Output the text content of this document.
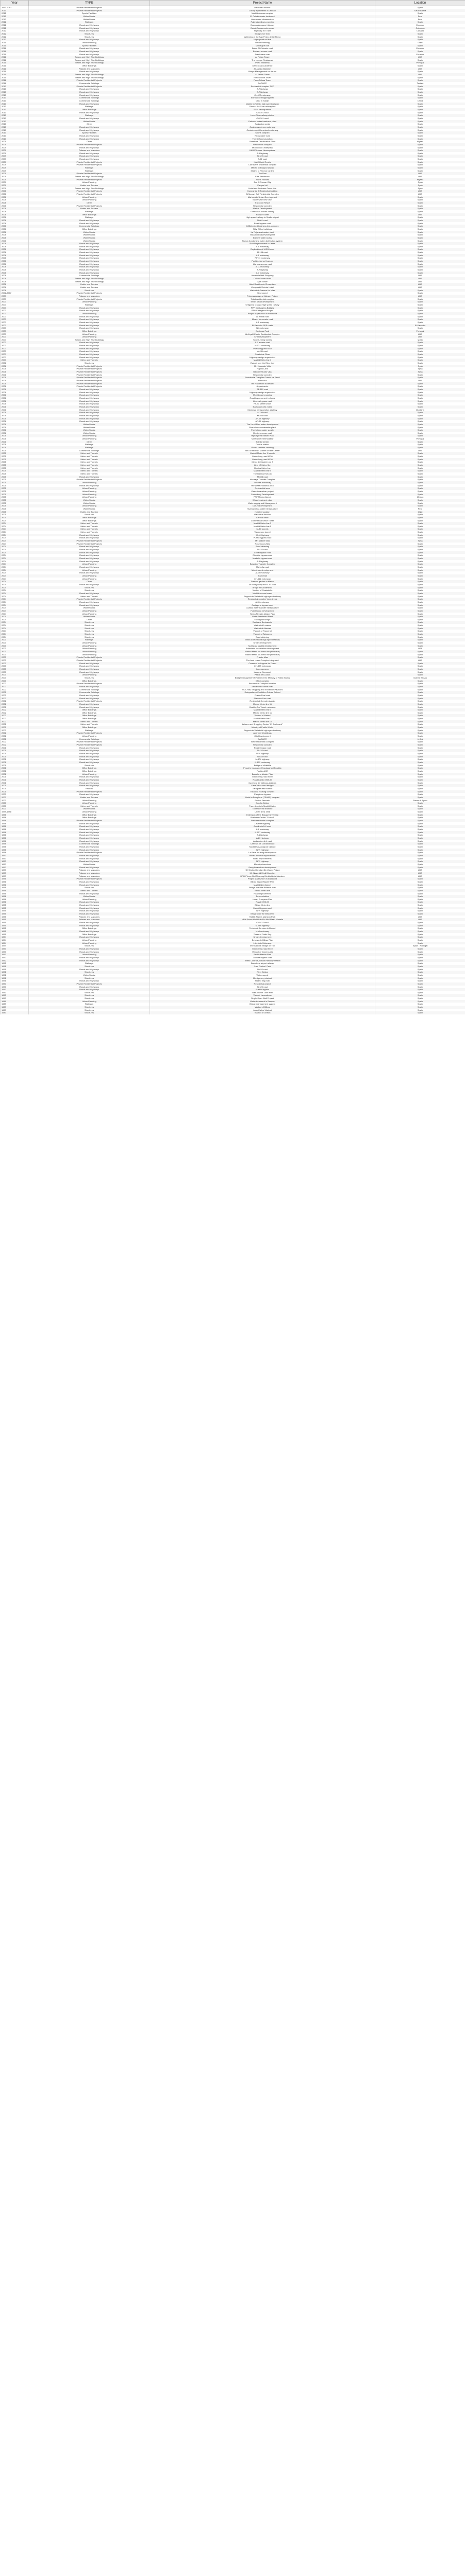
Year	TYPE	Project Name	Location
1993-2013	Private Residential Projects	Detached houses	Spain
2013	Private Residential Projects	Luxury apartments in Jeddah	Saudi Arabia
2012	Sports Facilities	Madrid Arenas complex	Spain
2012	Water Works	El Caimito water treatment	Peru
2012	Water Works	Lima water infrastructure	Peru
2012	Railways	Palencia railway crossing	Spain
2012	Roads and Highways	Cuenca-Azogues highway	Ecuador
2012	Roads and Highways	Cartré-Buenaventura road	Colombia
2012	Roads and Highways	Highway 407 East	Canada
2012	Structures	Bridge over river	Spain
2012	Structures	Widening of the San Pedro de la Ribera	Spain
2012	Roads and Highways	High speed rail line	Spain
2011	Urban Planning	Urban Planning	Chile
2011	Sports Facilities	Mirror golf club	Spain
2011	Roads and Highways	Bahia El Chinado road	Ecuador
2011	Roads and Highways	Eastern access road	Spain
2011	Roads and Highways	Rumichaca road	Ecuador
2011	Towers and High Rise Buildings	Al Fattan Tower	UAE
2011	Towers and High Rise Buildings	The Lounge Restaurant	Spain
2011	Towers and High Rise Buildings	Porto Saldanha	Portugal
2011	Office Buildings	Darro Gran Lanzarote	Spain
2011	Palaces and Mansions	Al Jamea Mansion	UAE
2011	Roads and Highways	Bridge Management for Asuriu	Spain
2011	Towers and High Rise Buildings	Al Fattan Tower	UAE
2011	Towers and High Rise Buildings	Porto Tolosa Tower	Spain
2011	Private Residential Projects	Porto Tolosa Tower	Spain
2011	Commercial Buildings	SACAIFE	Tunisia
2010	Private Residential Projects	Residential complex TVC	Spain
2010	Roads and Highways	A-7 highway	Spain
2010	Roads and Highways	A-7 highway	Spain
2010	Roads and Highways	CL-622 motorway	Spain
2010	Commercial Buildings	El Indauxe shopping mall	Spain
2010	Commercial Buildings	CBD in Tianjin	China
2010	Roads and Highways	Madrid to Toledo high speed railway	Spain
2010	Railways	Girona - Le Grau railway line	Spain
2010	Office Buildings	SGH Headquarters	Spain
2010	Roads and Highways	CM-101 road	Spain
2010	Railways	Leon-Gijon railway station	Spain
2010	Roads and Highways	CM-101 road	Spain
2010	Water Works	Palencia water treatment plant	Spain
2010	Other	Sanitation works	Spain
2010	Roads and Highways	Cuatro carreteras motorway	Spain
2010	Roads and Highways	Canterbury & Horseland motorway	Spain
2010	Sports Facilities	Sports complex	Spain
2010	Roads and Highways	Ricos water road	Spain
2010	Roads and Highways	The Cañones junction	Spain
2009	Other	Seashore Desalination Plant	Algeria
2009	Private Residential Projects	Residential complex	Spain
2009	Roads and Highways	M-500 road underpass	Spain
2009	Palaces and Mansions	KAU Princess Hessa palace	Spain
2009	Roads and Highways	A-6 highway	Spain
2009	Roads and Highways	N-122 road	Spain
2009	Roads and Highways	A-62 road	Spain
2009	Private Residential Projects	HAIC Hotel Rewitz	Spain
2009	Private Residential Projects	Carrasena residential complex	Spain
2009	Railways	Madrid to Burgos railway	Spain
2009	Railways	Madrid to Pirneos rail link	Spain
2009	Private Residential Projects	The Row	UAE
2009	Towers and High Rise Buildings	Elite Residence	UAE
2009	Private Residential Projects	Alpha Houses	Nigeria
2009	Urban Planning	Dar Al Roman City	Syria
2009	Hotels and Tourism	Parque Intl	Syria
2009	Towers and High Rise Buildings	Hotel and Business Tower Isla	Syria
2008	Private Residential Projects	Hampshire 2 Residential building	UAE
2008	Private Residential Projects	Al Mezael Golf Residential Complex	UAE
2008	Urban Planning	Marienvale Urban Development	Spain
2008	Urban Planning	Marienvale new town	Spain
2008	Other	Trackcold Resort	Spain
2008	Private Residential Projects	Residential complex	Spain
2008	Hotels and Tourism	Marina Development	Spain
2008	Railways	Granada-Cordoba railway	Spain
2008	Office Buildings	Parque Tower	UAE
2008	Railways	High speed railway to Sevilla airport	Spain
2008	Roads and Highways	N-601 road	Spain
2008	Roads and Highways	Road bypass road	Spain
2008	Commercial Buildings	ASDA mixed business Incl-complex	Spain
2008	Office Buildings	SDV Office buildings	Spain
2008	Water Works	La Roja wastewater plant	Spain
2008	Water Works	Valladolid wastewater plant	Spain
2008	Water Works	Eresma water works	Spain
2008	Water Works	Nueva Condomina water distribution system	Spain
2008	Roads and Highways	Road improvement to Jerez	Spain
2008	Roads and Highways	A-6 motorway	Spain
2008	Roads and Highways	Duplication of M-503 road	Spain
2008	Roads and Highways	M-138 road	Spain
2008	Roads and Highways	A-1 motorway	Spain
2008	Roads and Highways	PP-11 motorway	Spain
2008	Roads and Highways	Puebla-Nueva Huaruco	Spain
2008	Roads and Highways	Llanera access road	Spain
2008	Roads and Highways	A-11 motorway	Spain
2008	Roads and Highways	A-7 highway	Spain
2008	Roads and Highways	A-7 motorway	Spain
2008	Commercial Buildings	Almancia Mall Shopping	UAE
2008	Towers and High Rise Buildings	Calton Tower Hotel	UAE
2008	Towers and High Rise Buildings	Ajab Tower	UAE
2008	Hotels and Tourism	Hotel Residencia Cheerplace	UAE
2008	Hotels and Tourism	Kempinski Victoria Hotel	UAE
2008	Structures	Viaduct at Granera for Islas	Spain
2002-2007	Private Residential Projects	Uncropped	Spain
2007	Palaces and Mansions	Princess Abaya al Nahyan Palace	UAE
2007	Private Residential Projects	Tribal residential complex	Spain
2007	Urban Planning	Teruel urban development	Spain
2007	Railways	Ortiguera to Lugo high speed railway	Spain
2007	Roads and Highways	PPP Carthagena Bridges	Spain
2007	Roads and Highways	PPP Cartagena Bridges	Spain
2007	Urban Planning	Project supervision in Andalucia	Spain
2007	Roads and Highways	La Arbila road	Spain
2007	Roads and Highways	Meson Vemerado road	Spain
2007	Roads and Highways	A-1 motorway	Spain
2007	Roads and Highways	El Salvador PPP roads	El Salvador
2007	Roads and Highways	N-I motorway	Spain
2007	Office Buildings	Business Park	Portugal
2007	Urban Planning	Al Ahyaffi Estate Residential Complex	UAE
2007	Urban Planning	CHI Development	UAE
2007	Towers and High Rise Buildings	Two stunning towers	spain
2007	Roads and Highways	A-7 access road	Spain
2007	Roads and Highways	M-131 motorway	Spain
2007	Roads and Highways	Puebla bypass road	Spain
2007	Roads and Highways	A-435 road	Spain
2007	Roads and Highways	Guadalete River	Spain
2007	Roads and Highways	Highway design supervision	Spain
2007	Metro and Tunnels	Madrid Metro line 1	Spain
2006	Structures	Viaduct over the Ebro river	Spain
2006	Private Residential Projects	Mr. Hussnain Villa	Syria
2006	Private Residential Projects	Pupillo Land	Syria
2006	Private Residential Projects	Balcony Studio Villa	Syria
2006	Private Residential Projects	Residential complex	Spain
2006	Private Residential Projects	Residential Complex Granus de Reed	Spain
2006	Private Residential Projects	Meticulus	UAE
2006	Private Residential Projects	The Roadwork Boulevard	Spain
2006	Private Residential Projects	Appartments	Spain
2006	Roads and Highways	SE-110 road	Spain
2006	Roads and Highways	Highway design supervision	Spain
2006	Roads and Highways	M-406 road crossing	Spain
2006	Roads and Highways	Road improvement in Jerez	Spain
2006	Roads and Highways	Linares bypass road	Spain
2006	Roads and Highways	PA-30 street tunnel	Spain
2006	Roads and Highways	Barriada Coria roads	Spain
2006	Roads and Highways	Montenal transportation strategy	Montana
2006	Roads and Highways	A-139 road	Spain
2006	Roads and Highways	M-404 road	Spain
2006	Roads and Highways	AP-68 highway	Spain
2006	Roads and Highways	AP-68 highway	Spain
2006	Water Works	The Urrell Plan water development	Spain
2006	Water Works	Puertollano wastewater plant	Spain
2006	Water Works	Puertollano water supply	Spain
2006	Water Works	Montehermoso road	Spain
2006	Urban Planning	High Speed Master Plan	Spain
2006	Urban Planning	Metal Line Intermodality	Portugal
2006	Other	Toledo Center	Spain
2006	Railways	Cuellar station	Spain
2006	Railways	Girona ramblas crossing	Spain
2005	Commercial Buildings	Abu Dhabi Fish Market Arcade Center	UAE
2005	Metro and Tunnels	Madrid Metro line 1 launch	Spain
2005	Metro and Tunnels	Madrid ring road M-30	Spain
2005	Metro and Tunnels	Madrid ring road M-30	Spain
2005	Metro and Tunnels	Metro de Madrid Line 3	Spain
2005	Metro and Tunnels	Line 12 Metro Sur	Spain
2005	Metro and Tunnels	Medina Metro line	Spain
2005	Metro and Tunnels	Madrid Metro line 4	Spain
2005	Metro and Tunnels	The Barrios Horizon	Spain
2005	Roads and Highways	M-503 road	Spain
2005	Private Residential Projects	Alboraya Transfer Complex	Spain
2005	Urban Planning	Lavante motorway	Spain
2005	Roads and Highways	Hortaleza industrial area	Spain
2005	Urban Planning	Residential area	Spain
2005	Urban Planning	Castellana urban project	Spain
2005	Urban Planning	Canterbury Development	Spain
2005	Urban Planning	PPP Mexico Airport	Mexico
2005	Water Works	Water treatment plant	Spain
2005	Water Works	Water supply and Management	Spain
2005	Urban Planning	Duruma development	Spain
2005	Water Works	Huancavelica water infrastructure	Peru
2005	Hotels and Tourism	Hotel renovation	Chile
2005	Structures	Viaduct of Nervion	Spain
2004	Office Buildings	Central office	Spain
2004	Office Buildings	Commercial Office Tower	Spain
2004	Metro and Tunnels	Madrid Metro line 3	Spain
2004	Metro and Tunnels	Madrid Metro line 5	Spain
2004	Metro and Tunnels	M-30 tunnels	Spain
2004	Metro and Tunnels	Valdemoro tunnel	Spain
2004	Roads and Highways	M-40 highway	Spain
2004	Roads and Highways	Puerto bypass road	Spain
2004	Private Residential Projects	Mr. Nabeel Villa	Syria
2004	Private Residential Projects	Rosewood villas	Spain
2004	Roads and Highways	Road widening	Spain
2004	Roads and Highways	N-432 road	Spain
2004	Roads and Highways	Coria bypass road	Spain
2004	Roads and Highways	Gibraltar bypass road	Spain
2004	Roads and Highways	Marbella bypass road	Spain
2004	Roads and Highways	A-4 highway	Spain
2004	Urban Planning	Botanico Transfer Complex	Spain
2004	Roads and Highways	Marbella road	Spain
2004	Urban Planning	Mixed-use development	Spain
2004	Roads and Highways	A-49 motorway	Spain
2004	Urban Planning	Town Hall	Spain
2004	Urban Planning	CH-611 motorway	Spain
2004	Other	Thermal garden in Madrid	Spain
2004	Roads and Highways	M-45 highway and M-40 road	Spain
2004	Structures	Bridge at Sacramenia	Spain
2004	Structures	Viaduct of Guadalcillo	Spain
2004	Roads and Highways	Madrid access tunnel	Spain
2004	Metro and Tunnels	Segovia to Valladolid high speed railway	Spain
2004	Private Residential Projects	Residential complex Vera Arena	Spain
2004	Roads and Highways	A-31 motorway	Spain
2004	Roads and Highways	Cartagena bypass road	Spain
2004	Water Works	Coastal water transfer infrastructure	Spain
2004	Urban Planning	Fuentecova Development	Spain
2004	Urban Planning	Sierra Nevada Master Plan	Spain
2004	Water Works	Water Treatment Plant	Spain
2004	Other	Ecological Bridge	Spain
2004	Structures	Radius of Benicassim	Spain
2004	Structures	Viaduct of Lezama	Spain
2004	Structures	Viaduct of Alacuas	Spain
2004	Structures	Viaduct of Popcenal	Spain
2004	Structures	Viaduct of Tabanera	Spain
2004	Structures	Road widening	Spain
2003	Railways	Irinda to Monticola high speed railway	Spain
2003	Urban Planning	Urban development	Spain
2003	Urban Planning	Northeast Madrid development	Spain
2003	Urban Planning	Arlandaria conurbation development	USA
2003	Urban Planning	Madrid Metro southern line (Metrosur)	Spain
2003	Urban Planning	Madrid Metro southern line (Metrosur)	Spain
2003	Private Residential Projects	Private villas	Spain
2003	Private Residential Projects	The Anel Hawk Complex Integrated	UAE
2003	Roads and Highways	Carretera to Laguna de Duero	Spain
2003	Roads and Highways	CH-323 motorway	Spain
2003	Roads and Highways	Lucerna area	Spain
2003	Roads and Highways	Lucerna Cercamet	Spain
2003	Urban Planning	Palios de Lucdon	Spain
2003	Structures	Bridge Management System for the Ministry of Public Works	Guinea Bissau
2003	Office Buildings	Office complex	Spain
2002	Private Residential Projects	Residential Complex Arroelos	Spain
2002	Roads and Highways	Vendimedo tunnel road	Spain
2002	Commercial Buildings	SCS-Hall, Shopping and Exhibition Pavilions	Spain
2002	Commercial Buildings	Sotopoalaren Exhibition Private School	Spain
2002	Roads and Highways	Puerto Real road	Spain
2002	Roads and Highways	Flaviana Lino road	Spain
2002	Private Residential Projects	Residential Complex Aranjo	Spain
2002	Roads and Highways	Madrid Metro line 11	Spain
2002	Roads and Highways	Castilla-Sur Travel motorway	Spain
2002	Office Buildings	Madrid Metro line 4	Spain
2002	Office Buildings	Madrid Metro line 11	Spain
2002	Office Buildings	Viaduct of Madrid	Spain
2002	Office Buildings	Madrid Metro line 7	Spain
2002	Metro and Tunnels	Madrid Metro line 10	Spain
2002	Metro and Tunnels	Leisure and Shopping Center "El Boulevard"	Spain
2002	Office Buildings	Ministry of Public Works	Spain
2002	Railways	Segovia to Valladolid high speed railway	Spain
2002	Private Residential Projects	Apartment buildings	Spain
2002	Urban Planning	City Development	Spain
2002	Commercial Buildings	SACAIFE	U.S.A
2002	Private Residential Projects	Siete residential complex	Spain
2002	Private Residential Projects	Residential complex	Spain
2001	Roads and Highways	Road bypass road	Spain
2001	Roads and Highways	N-432 road	Spain
2001	Roads and Highways	N-VI highway	Spain
2001	Roads and Highways	N-634 road	Spain
2001	Roads and Highways	M-404 highway	Spain
2001	Roads and Highways	N-122 motorway	Spain
2001	Structures	Bridge at Villalbilla	Spain
2001	Office Buildings	People's Insurance Headquarter Republic	Spain
2001	Office Buildings	Pueblo ACE	Spain
2001	Urban Planning	Barcelona Master Plan	Spain
2001	Roads and Highways	Madrid ring road M-50	Spain
2001	Roads and Highways	Road Lorillo 1998-99	Spain
2001	Roads and Highways	Carretera de Vallecas-Lejadas	Spain
2001	Roads and Highways	Casa Vélez road bridges	Spain
2001	Palaces	Zaragoza train station	Spain
2001	Private Residential Projects	Estancia housing complex	Spain
2000	Roads and Highways	Pamplona bypass	Spain
2000	Hotels and Tourism	Hotel in Pamplona (TEHAS) complex	Spain
2000	Urban Planning	Pueblo Pescado	France & Spain
2000	Urban Planning	Coruña Bridge	Spain
2000	Metro and Tunnels	Tram depots in Madrid Metro	Spain
2000	Water Works	Torrero in the tramline	Spain
1999-1998	Urban Planning	Urban area 1998	Spain
1998	Office Buildings	Extension of the Basque University	Spain
1998	Office Buildings	Business Center "Ciudad"	Spain
1998	Private Residential Projects	Siete residential complex	Spain
1998	Roads and Highways	Levante highway	Spain
1998	Roads and Highways	Andalucia A-4 road	Spain
1998	Roads and Highways	A-6 motorway	Spain
1998	Roads and Highways	N-617 motorway	Spain
1998	Roads and Highways	A-6 highway	Spain
1998	Roads and Highways	A-20 highway	Spain
1998	Roads and Highways	Andalucian A-4 road	Spain
1998	Commercial Buildings	Carreras de Córdoba road	Spain
1998	Roads and Highways	Madrid/Sa Zaragoza railroad	Spain
1998	Roads and Highways	N-VI highway	Spain
1998	Private Residential Projects	La Paris housing development	Spain
1997	Roads and Highways	Bilbao terminal improvement	Spain
1997	Roads and Highways	Road improvements	Spain
1997	Roads and Highways	N-VI highway	Spain
1997	Water Works	Municipal services	Spain
1997	Roads and Highways	Pamplona urban development	Spain
1997	Palaces and Mansions	HH Sheikh Hamdan Bin Zayed Palace	UAE
1997	Palaces and Mansions	Mr. Naser Al Khalil Mansion	UAE
1997	Palaces and Mansions	HRH Prince Abd Alrazzaq Bin Abd Aziz Mansion	UAE
1996	Private Residential Projects	Project supervision in Andalucia	Spain
1996	Roads and Highways	Bilbao airport Master Plan	Spain
1996	Roads and Highways	Madrid New Airport	Spain
1996	Structures	Bridge over the Bidasoa river	Spain
1996	Metro and Tunnels	Bilbao Metro line	Spain
1996	Roads and Highways	Road improvement	Spain
1996	Water Works	Denro studies	Spain
1996	Urban Planning	Urban European Plan	Spain
1996	Roads and Highways	Road 1995-99	Spain
1995	Roads and Highways	Bilbao Metro line	Spain
1995	Roads and Highways	Madrid bypass road	Spain
1995	Roads and Highways	N-VI highway	Spain
1995	Roads and Highways	Bridge over the Miño river	Spain
1995	Palaces and Mansions	Rabbit Alahba Mansion Park	UAE
1995	Palaces and Mansions	HRH Prince Abd Allah Bin Abd Alaziz Mahalla	UAE
1995	Roads and Highways	CM-412 road	Spain
1995	Roads and Highways	N-634 highway	Spain
1995	Office Buildings	Technical Services in Madrid	Spain
1995	Roads and Highways	N-VI motorway	Spain
1995	Office Buildings	Tower of Cadiz Bay	Spain
1994	Roads and Highways	Urban development	Spain
1994	Urban Planning	Dehesa de Bilbao Plan	Spain
1994	Urban Planning	Interstate Motorway	Spain
1994	Structures	International Bridge on Tuy	Spain - Portugal
1993	Roads and Highways	Madrid ring road M-40	Spain
1993	Roads and Highways	Viaduct of Canencuela	Spain
1993	Urban Planning	Seville Master Plan	Spain
1992	Roads and Highways	Zamora bypass road	Spain
1992	Roads and Highways	Traffic Controls, Urban Parkway Station	Spain
1992	Railways	Barcelona airport railway	Spain
1991	Structures	Juan Carlos I Park	Spain
1991	Roads and Highways	N-632 road	Spain
1991	Structures	River Bridge	Spain
1991	Water Works	Water supply	Spain
1991	Structures	Montgomery viaduct	Spain
1991	Roads and Highways	Madrid ring road	Spain
1990	Private Residential Projects	Residential project	Spain
1990	Roads and Highways	N-120 road	Spain
1990	Roads and Highways	Pueblo bypass	Spain
1990	Structures	Viaduct over Loire river	Spain
1990	Structures	Viaduct Lanzaderas	Spain
1990	Structures	Single-Span Wall Project	Spain
1989	Urban Planning	Water treatment in Basque	Spain
1989	Railways	Bridge management system	Spain
1989	Structures	Viaduct of Bilbao	Spain
1987	Structures	Juan Carlos Viaduct	Spain
1987	Structures	Viaduct of Oriñón	Spain
